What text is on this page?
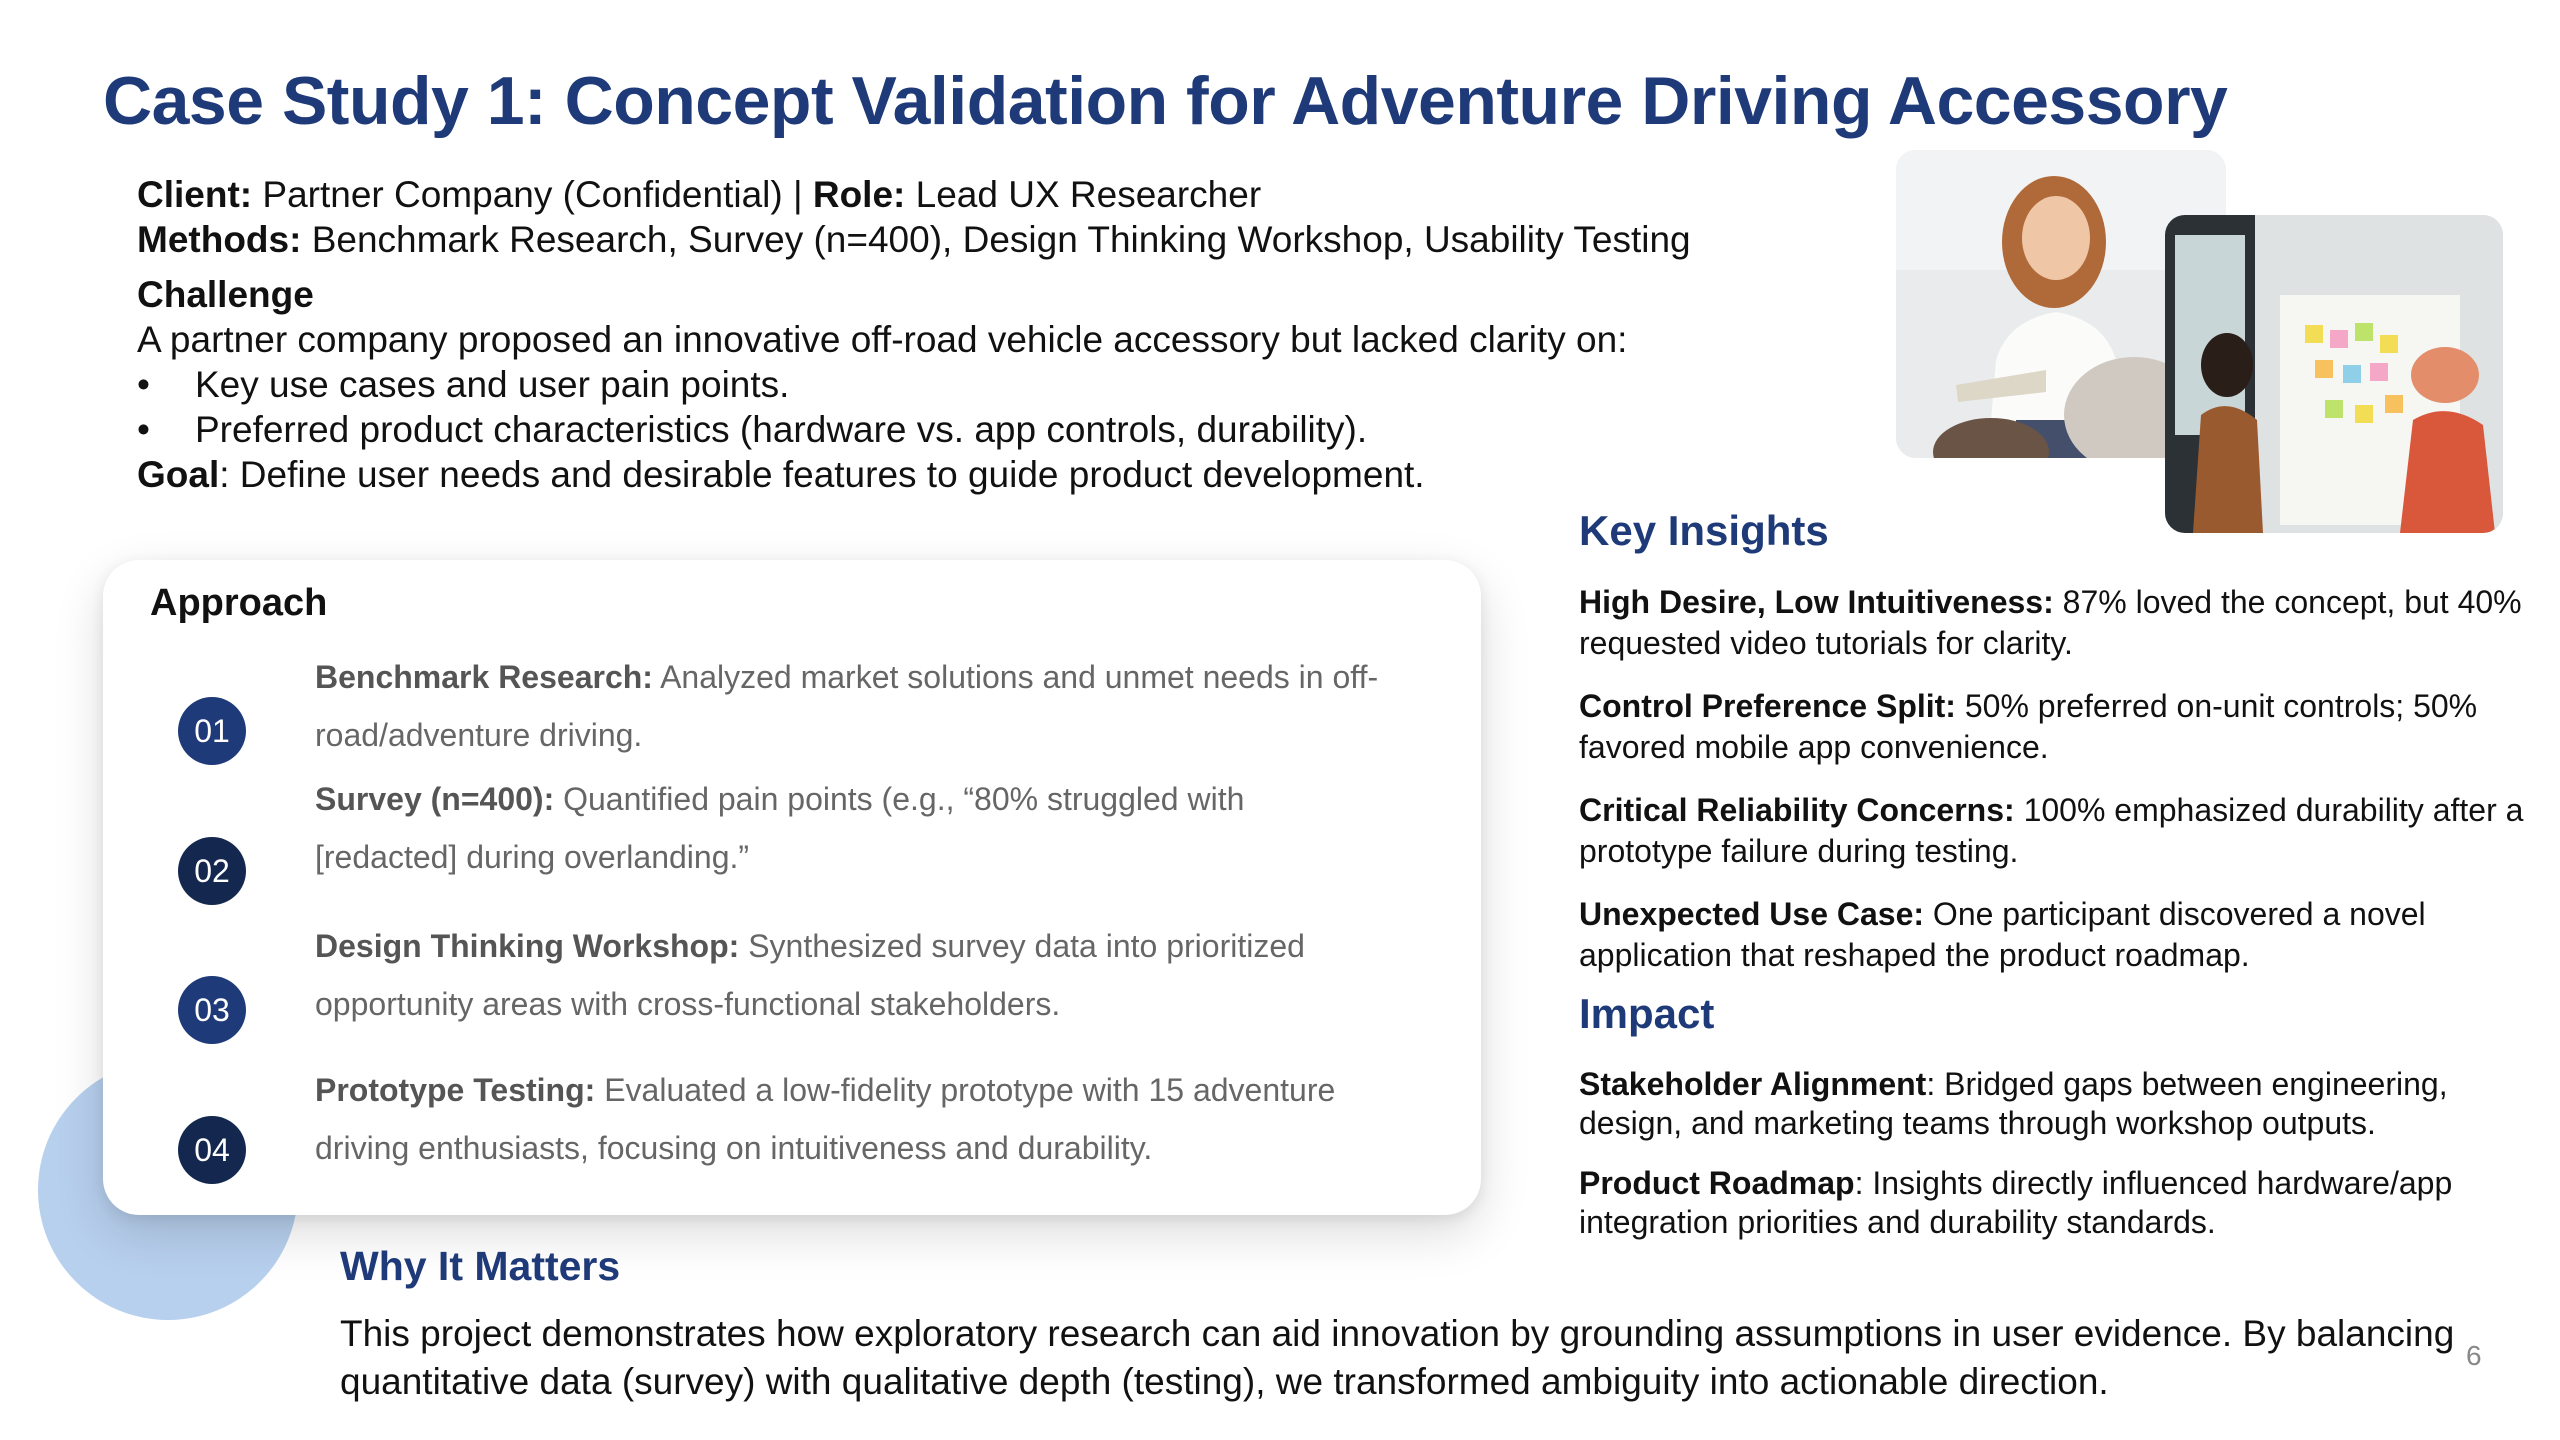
Case Study 1: Concept Validation for Adventure Driving Accessory
Client: Partner Company (Confidential) | Role: Lead UX Researcher
Methods: Benchmark Research, Survey (n=400), Design Thinking Workshop, Usability Testing
Challenge
A partner company proposed an innovative off-road vehicle accessory but lacked clarity on:
• Key use cases and user pain points.
• Preferred product characteristics (hardware vs. app controls, durability).
Goal: Define user needs and desirable features to guide product development.
Approach
01
Benchmark Research: Analyzed market solutions and unmet needs in off-road/adventure driving.
02
Survey (n=400): Quantified pain points (e.g., “80% struggled with [redacted] during overlanding.”
03
Design Thinking Workshop: Synthesized survey data into prioritized opportunity areas with cross-functional stakeholders.
04
Prototype Testing: Evaluated a low-fidelity prototype with 15 adventure driving enthusiasts, focusing on intuitiveness and durability.
Key Insights
High Desire, Low Intuitiveness: 87% loved the concept, but 40% requested video tutorials for clarity.
Control Preference Split: 50% preferred on-unit controls; 50% favored mobile app convenience.
Critical Reliability Concerns: 100% emphasized durability after a prototype failure during testing.
Unexpected Use Case: One participant discovered a novel application that reshaped the product roadmap.
Impact
Stakeholder Alignment: Bridged gaps between engineering, design, and marketing teams through workshop outputs.
Product Roadmap: Insights directly influenced hardware/app integration priorities and durability standards.
Why It Matters
This project demonstrates how exploratory research can aid innovation by grounding assumptions in user evidence. By balancing quantitative data (survey) with qualitative depth (testing), we transformed ambiguity into actionable direction.
6
